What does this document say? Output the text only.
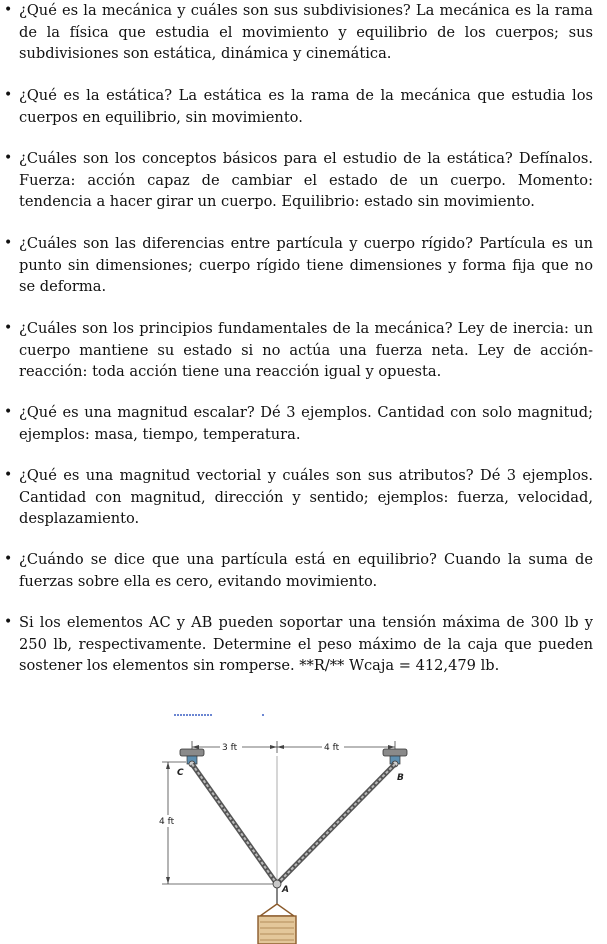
• ¿Qué es la mecánica y cuáles son sus subdivisiones? La mecánica es la rama de la física que estudia el movimiento y equilibrio de los cuerpos; sus subdivisiones son estática, dinámica y cinemática.

• ¿Qué es la estática? La estática es la rama de la mecánica que estudia los cuerpos en equilibrio, sin movimiento.

• ¿Cuáles son los conceptos básicos para el estudio de la estática? Defínalos. Fuerza: acción capaz de cambiar el estado de un cuerpo. Momento: tendencia a hacer girar un cuerpo. Equilibrio: estado sin movimiento.

• ¿Cuáles son las diferencias entre partícula y cuerpo rígido? Partícula es un punto sin dimensiones; cuerpo rígido tiene dimensiones y forma fija que no se deforma.

• ¿Cuáles son los principios fundamentales de la mecánica? Ley de inercia: un cuerpo mantiene su estado si no actúa una fuerza neta. Ley de acción-reacción: toda acción tiene una reacción igual y opuesta.

• ¿Qué es una magnitud escalar? Dé 3 ejemplos. Cantidad con solo magnitud; ejemplos: masa, tiempo, temperatura.

• ¿Qué es una magnitud vectorial y cuáles son sus atributos? Dé 3 ejemplos. Cantidad con magnitud, dirección y sentido; ejemplos: fuerza, velocidad, desplazamiento.

• ¿Cuándo se dice que una partícula está en equilibrio? Cuando la suma de fuerzas sobre ella es cero, evitando movimiento.

• Si los elementos AC y AB pueden soportar una tensión máxima de 300 lb y 250 lb, respectivamente. Determine el peso máximo de la caja que pueden sostener los elementos sin romperse. **R/** Wcaja = 412,479 lb.

3 ft	4 ft
4 ft
C	B
A
